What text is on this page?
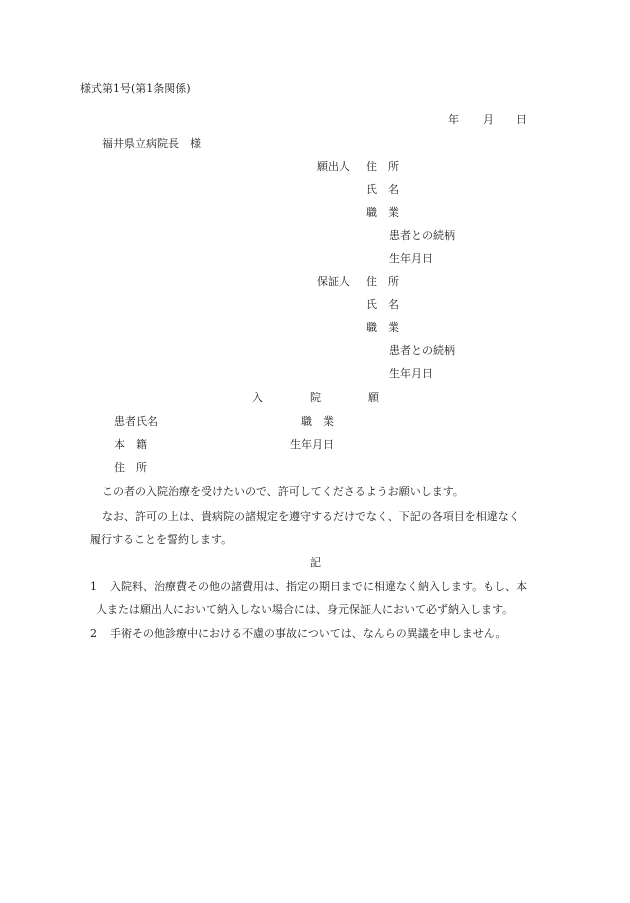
様式第1号(第1条関係)
年 月 日
福井県立病院長　様
願出人 住　所
氏　名
職　業
患者との続柄
生年月日
保証人 住　所
氏　名
職　業
患者との続柄
生年月日
入	院	願
患者氏名	職　業
本　籍	生年月日
住　所
この者の入院治療を受けたいので、許可してくださるようお願いします。
なお、許可の上は、貴病院の諸規定を遵守するだけでなく、下記の各項目を相違なく
履行することを誓約します。
記
1 入院料、治療費その他の諸費用は、指定の期日までに相違なく納入します。もし、本
人または願出人において納入しない場合には、身元保証人において必ず納入します。
2 手術その他診療中における不慮の事故については、なんらの異議を申しません。
